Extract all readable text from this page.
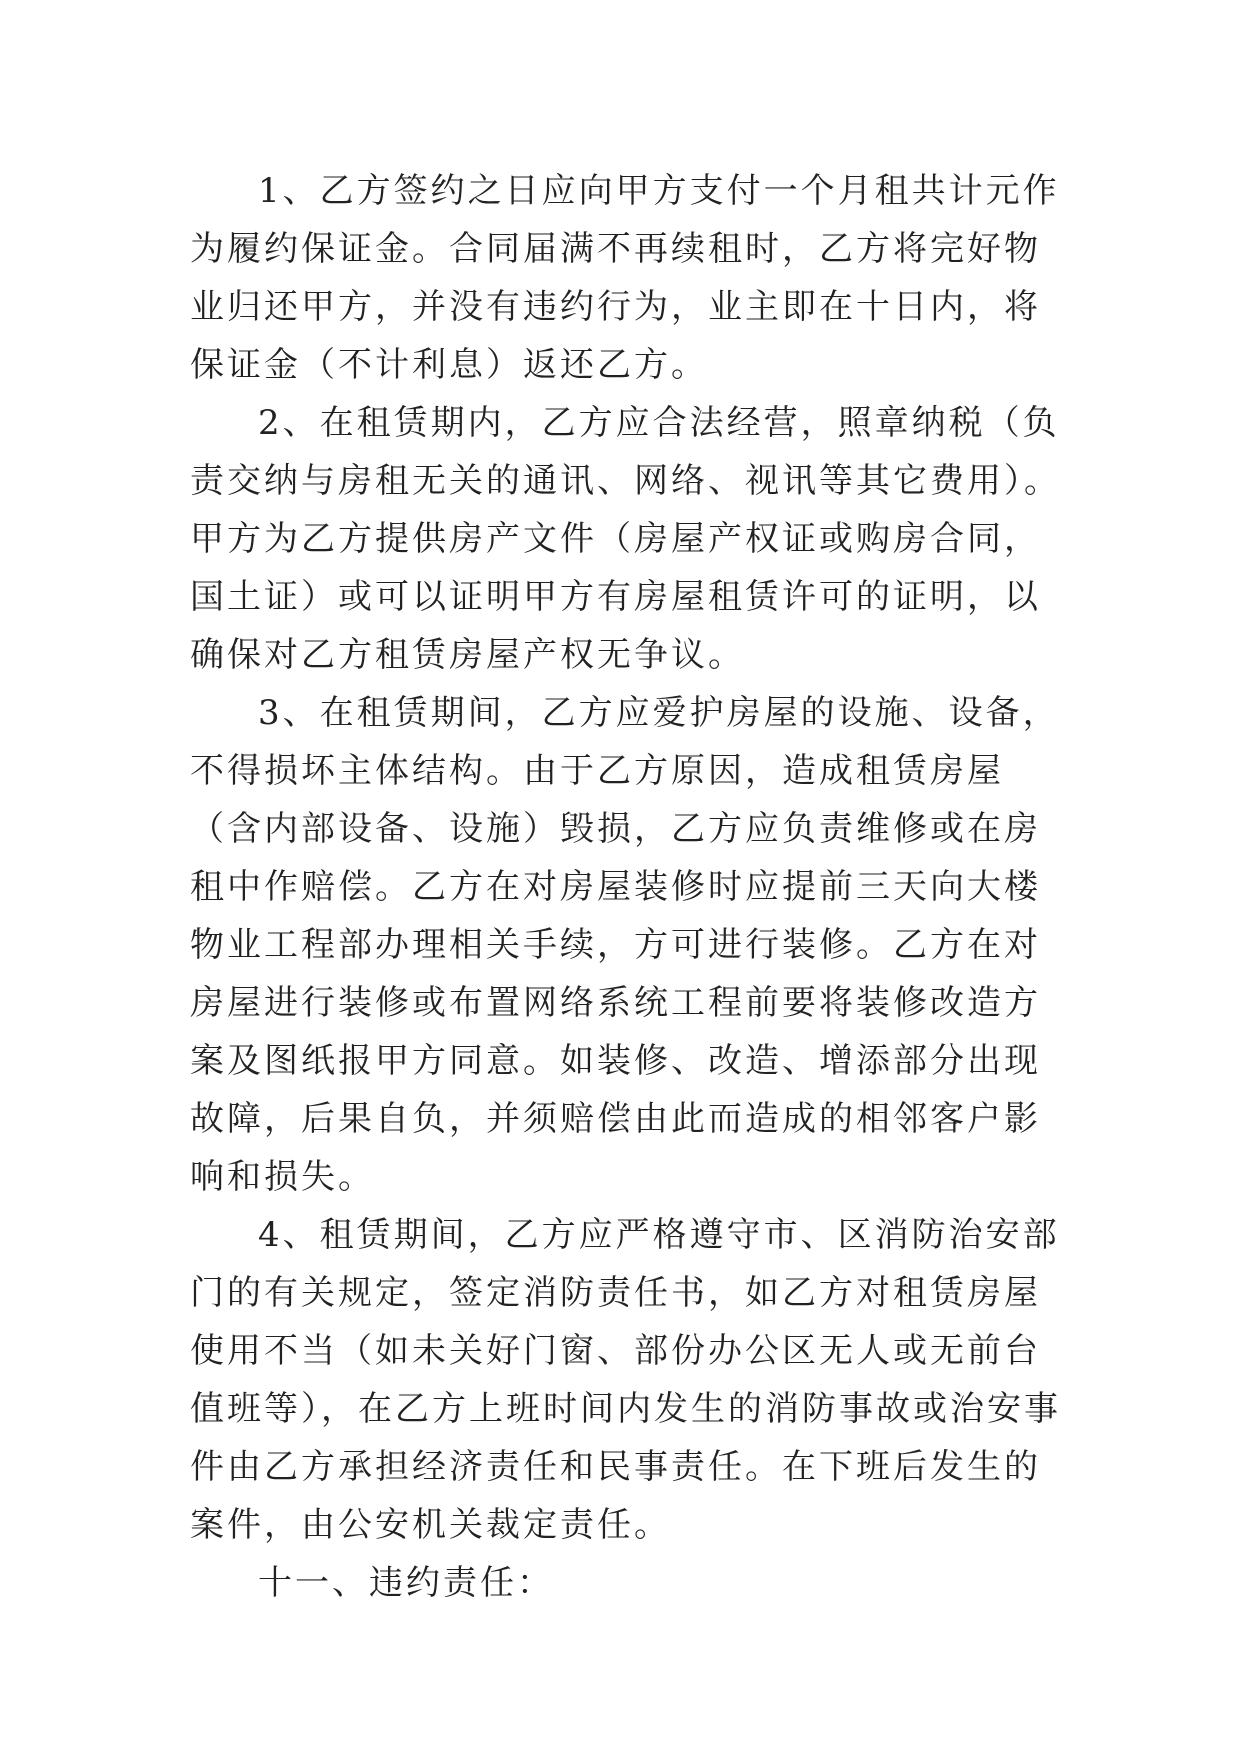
1、乙方签约之日应向甲方支付一个月租共计元作为履约保证金。合同届满不再续租时，乙方将完好物业归还甲方，并没有违约行为，业主即在十日内，将保证金（不计利息）返还乙方。

2、在租赁期内，乙方应合法经营，照章纳税（负责交纳与房租无关的通讯、网络、视讯等其它费用）。甲方为乙方提供房产文件（房屋产权证或购房合同，国土证）或可以证明甲方有房屋租赁许可的证明，以确保对乙方租赁房屋产权无争议。

3、在租赁期间，乙方应爱护房屋的设施、设备，不得损坏主体结构。由于乙方原因，造成租赁房屋（含内部设备、设施）毁损，乙方应负责维修或在房租中作赔偿。乙方在对房屋装修时应提前三天向大楼物业工程部办理相关手续，方可进行装修。乙方在对房屋进行装修或布置网络系统工程前要将装修改造方案及图纸报甲方同意。如装修、改造、增添部分出现故障，后果自负，并须赔偿由此而造成的相邻客户影响和损失。

4、租赁期间，乙方应严格遵守市、区消防治安部门的有关规定，签定消防责任书，如乙方对租赁房屋使用不当（如未关好门窗、部份办公区无人或无前台值班等），在乙方上班时间内发生的消防事故或治安事件由乙方承担经济责任和民事责任。在下班后发生的案件，由公安机关裁定责任。

十一、违约责任：
